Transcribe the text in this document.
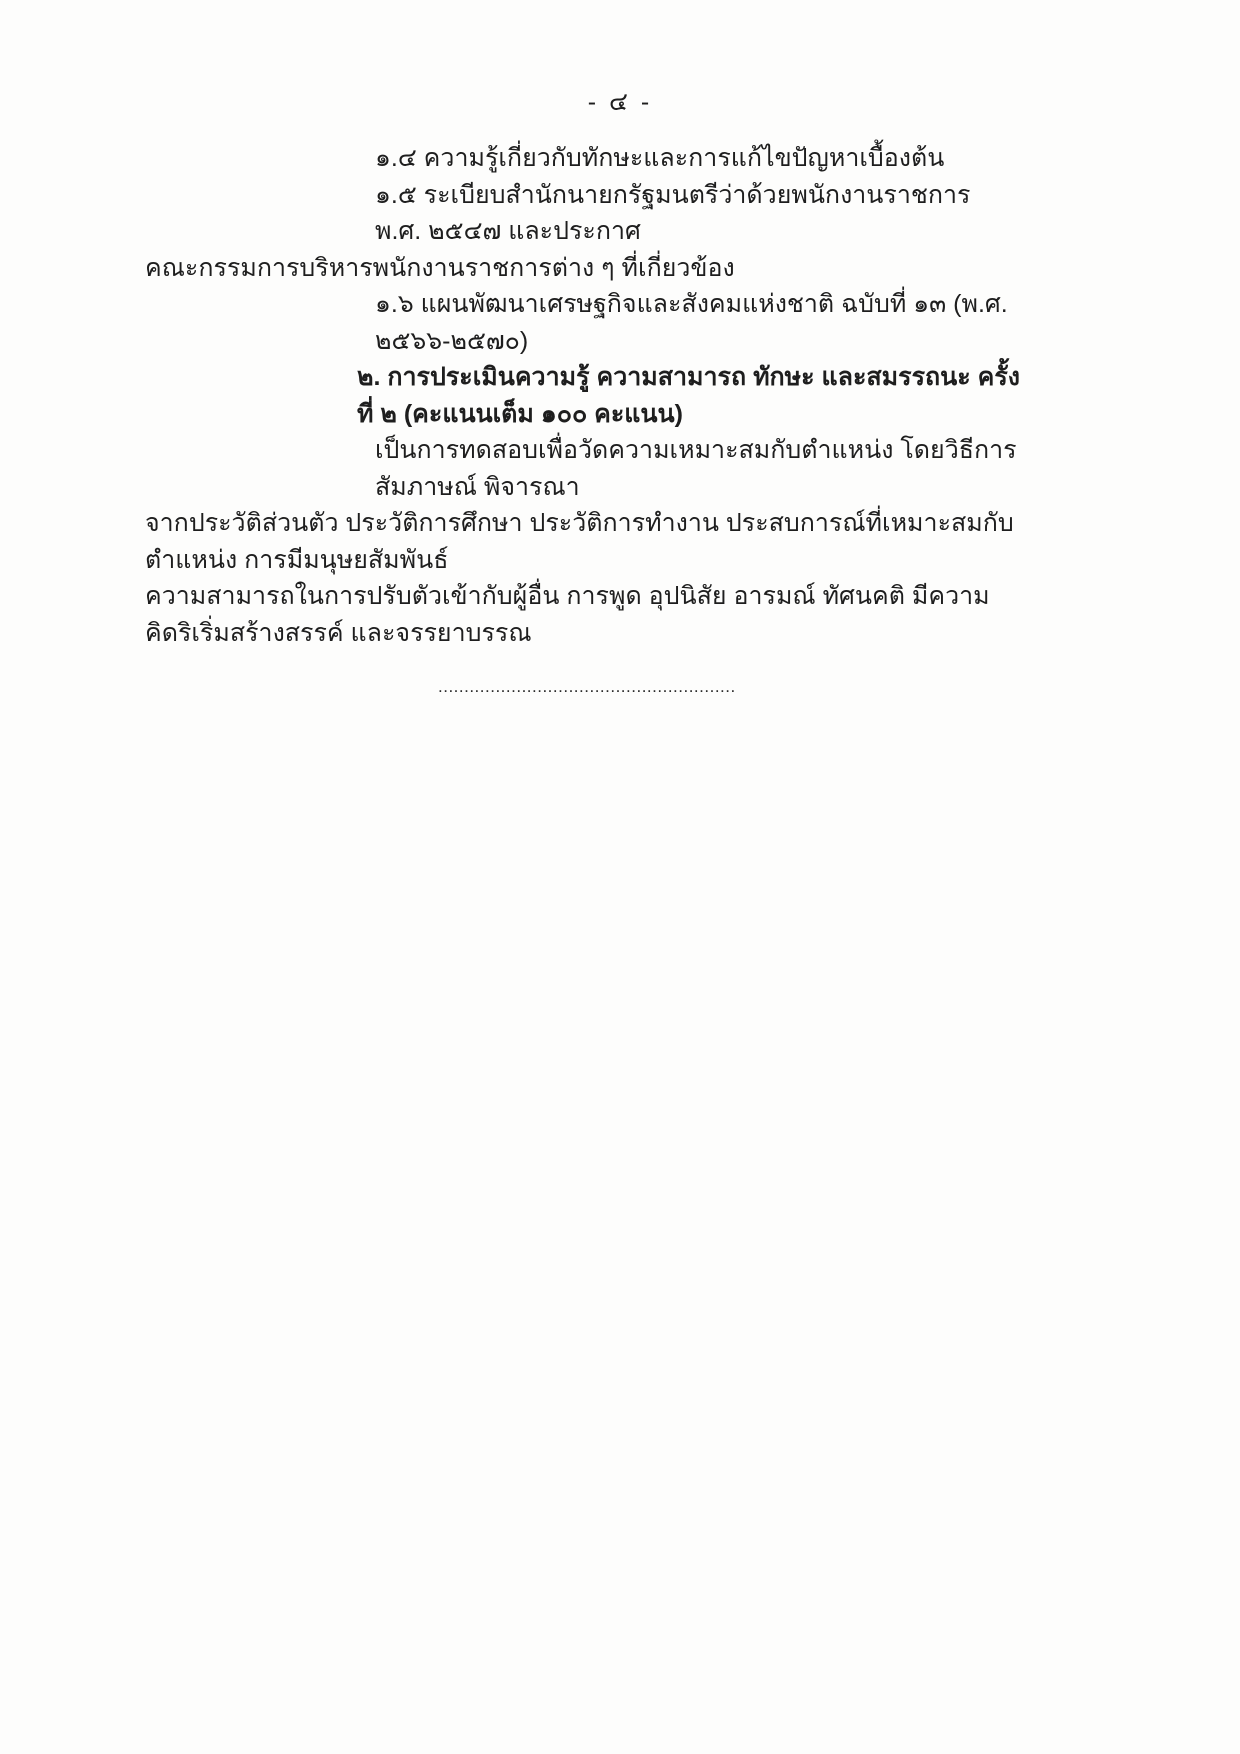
- ๔ -
๑.๔ ความรู้เกี่ยวกับทักษะและการแก้ไขปัญหาเบื้องต้น
๑.๕ ระเบียบสำนักนายกรัฐมนตรีว่าด้วยพนักงานราชการ พ.ศ. ๒๕๔๗ และประกาศ
คณะกรรมการบริหารพนักงานราชการต่าง ๆ ที่เกี่ยวข้อง
๑.๖ แผนพัฒนาเศรษฐกิจและสังคมแห่งชาติ ฉบับที่ ๑๓ (พ.ศ. ๒๕๖๖-๒๕๗๐)
๒. การประเมินความรู้ ความสามารถ ทักษะ และสมรรถนะ ครั้งที่ ๒ (คะแนนเต็ม ๑๐๐ คะแนน)
เป็นการทดสอบเพื่อวัดความเหมาะสมกับตำแหน่ง โดยวิธีการสัมภาษณ์ พิจารณา
จากประวัติส่วนตัว ประวัติการศึกษา ประวัติการทำงาน ประสบการณ์ที่เหมาะสมกับตำแหน่ง การมีมนุษยสัมพันธ์
ความสามารถในการปรับตัวเข้ากับผู้อื่น การพูด อุปนิสัย อารมณ์ ทัศนคติ มีความคิดริเริ่มสร้างสรรค์ และจรรยาบรรณ
.........................................................
